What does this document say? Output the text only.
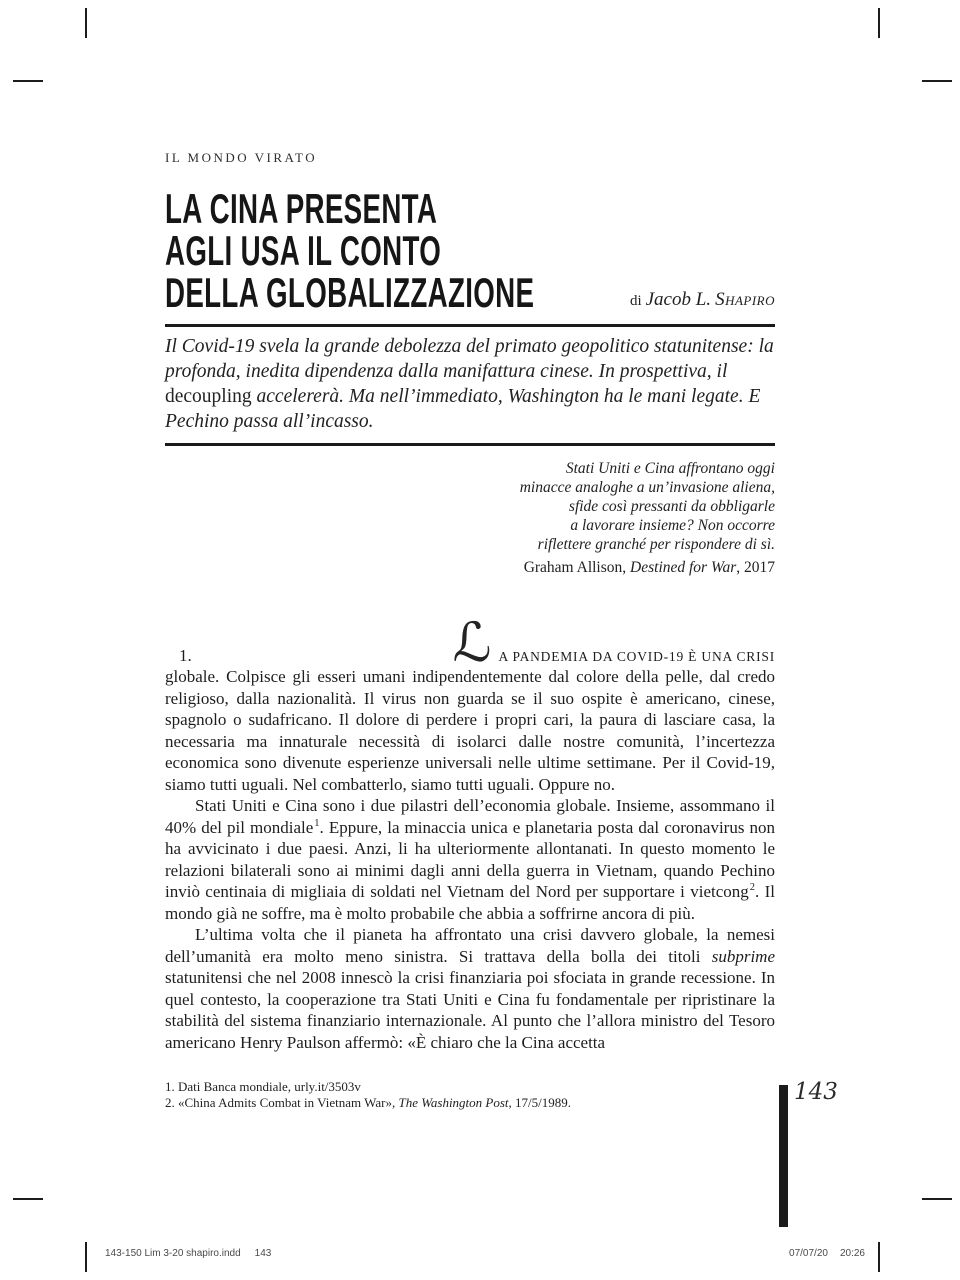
IL MONDO VIRATO

LA CINA PRESENTA
AGLI USA IL CONTO
DELLA GLOBALIZZAZIONE	di Jacob L. Shapiro

Il Covid-19 svela la grande debolezza del primato geopolitico statunitense: la profonda, inedita dipendenza dalla manifattura cinese. In prospettiva, il decoupling accelererà. Ma nell’immediato, Washington ha le mani legate. E Pechino passa all’incasso.

Stati Uniti e Cina affrontano oggi
minacce analoghe a un’invasione aliena,
sfide così pressanti da obbligarle
a lavorare insieme? Non occorre
riflettere granché per rispondere di sì.
Graham Allison, Destined for War, 2017
1.	ℒ A PANDEMIA DA COVID-19 È UNA CRISI

globale. Colpisce gli esseri umani indipendentemente dal colore della pelle, dal credo religioso, dalla nazionalità. Il virus non guarda se il suo ospite è americano, cinese, spagnolo o sudafricano. Il dolore di perdere i propri cari, la paura di lasciare casa, la necessaria ma innaturale necessità di isolarci dalle nostre comunità, l’incertezza economica sono divenute esperienze universali nelle ultime settimane. Per il Covid-19, siamo tutti uguali. Nel combatterlo, siamo tutti uguali. Oppure no.

Stati Uniti e Cina sono i due pilastri dell’economia globale. Insieme, assommano il 40% del pil mondiale$^1$. Eppure, la minaccia unica e planetaria posta dal coronavirus non ha avvicinato i due paesi. Anzi, li ha ulteriormente allontanati. In questo momento le relazioni bilaterali sono ai minimi dagli anni della guerra in Vietnam, quando Pechino inviò centinaia di migliaia di soldati nel Vietnam del Nord per supportare i vietcong$^2$. Il mondo già ne soffre, ma è molto probabile che abbia a soffrirne ancora di più.

L’ultima volta che il pianeta ha affrontato una crisi davvero globale, la nemesi dell’umanità era molto meno sinistra. Si trattava della bolla dei titoli subprime statunitensi che nel 2008 innescò la crisi finanziaria poi sfociata in grande recessione. In quel contesto, la cooperazione tra Stati Uniti e Cina fu fondamentale per ripristinare la stabilità del sistema finanziario internazionale. Al punto che l’allora ministro del Tesoro americano Henry Paulson affermò: «È chiaro che la Cina accetta

1. Dati Banca mondiale, urly.it/3503v

2. «China Admits Combat in Vietnam War», The Washington Post, 17/5/1989.	143
143-150 Lim 3-20 shapiro.indd 143	07/07/20 20:26
